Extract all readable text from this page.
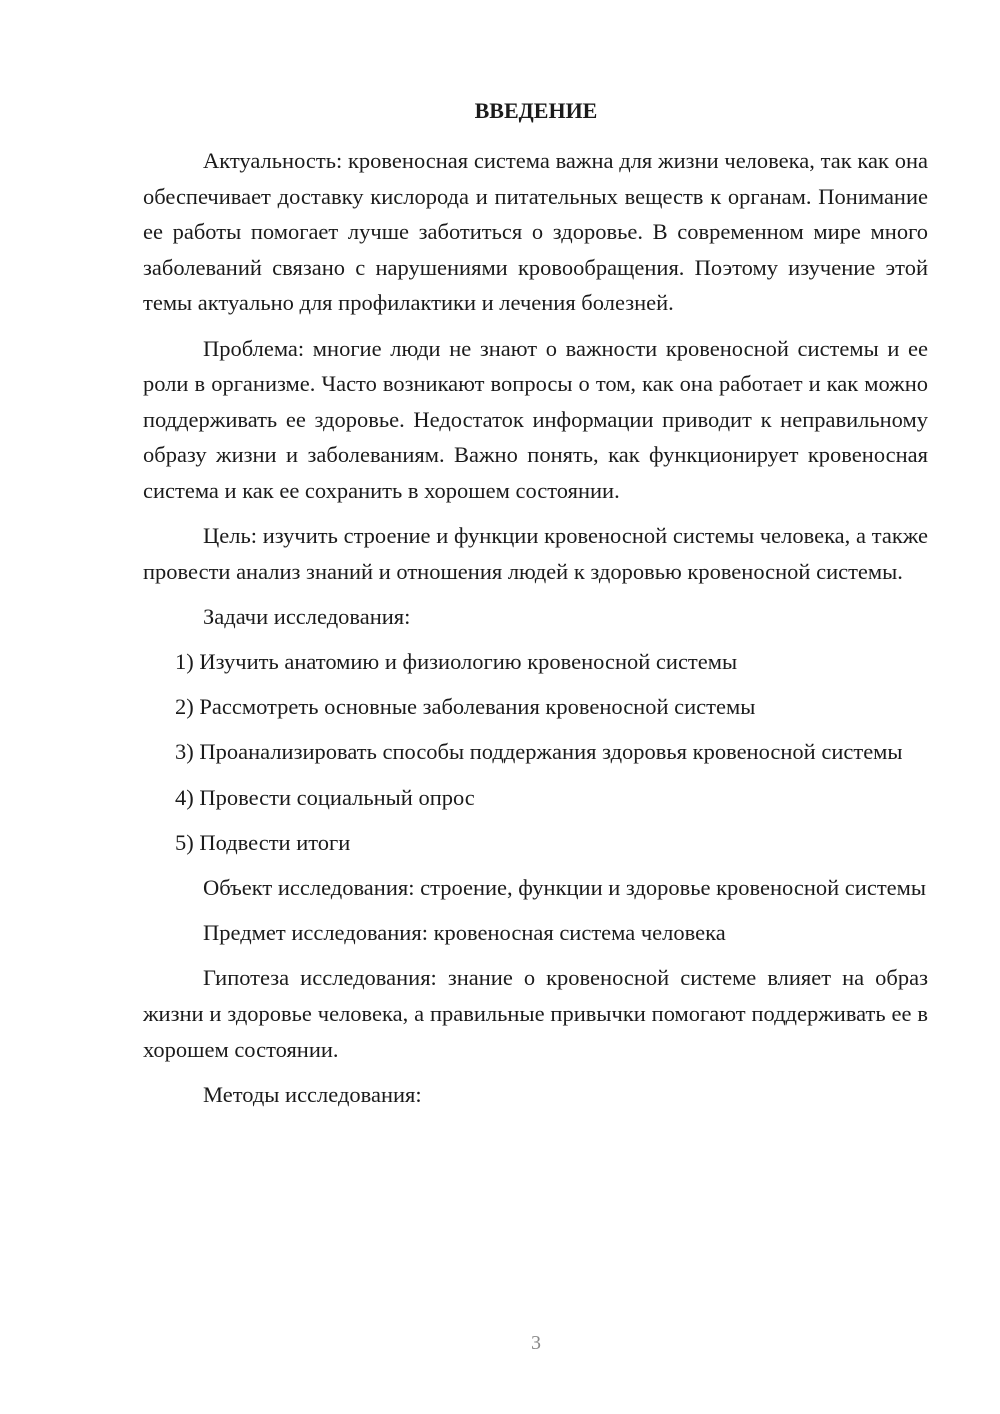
ВВЕДЕНИЕ

Актуальность: кровеносная система важна для жизни человека, так как она обеспечивает доставку кислорода и питательных веществ к органам. Понимание ее работы помогает лучше заботиться о здоровье. В современном мире много заболеваний связано с нарушениями кровообращения. Поэтому изучение этой темы актуально для профилактики и лечения болезней.

Проблема: многие люди не знают о важности кровеносной системы и ее роли в организме. Часто возникают вопросы о том, как она работает и как можно поддерживать ее здоровье. Недостаток информации приводит к неправильному образу жизни и заболеваниям. Важно понять, как функционирует кровеносная система и как ее сохранить в хорошем состоянии.

Цель: изучить строение и функции кровеносной системы человека, а также провести анализ знаний и отношения людей к здоровью кровеносной системы.

Задачи исследования:

1) Изучить анатомию и физиологию кровеносной системы

2) Рассмотреть основные заболевания кровеносной системы

3) Проанализировать способы поддержания здоровья кровеносной системы

4) Провести социальный опрос

5) Подвести итоги

Объект исследования: строение, функции и здоровье кровеносной системы

Предмет исследования: кровеносная система человека

Гипотеза исследования: знание о кровеносной системе влияет на образ жизни и здоровье человека, а правильные привычки помогают поддерживать ее в хорошем состоянии.

Методы исследования:

3
